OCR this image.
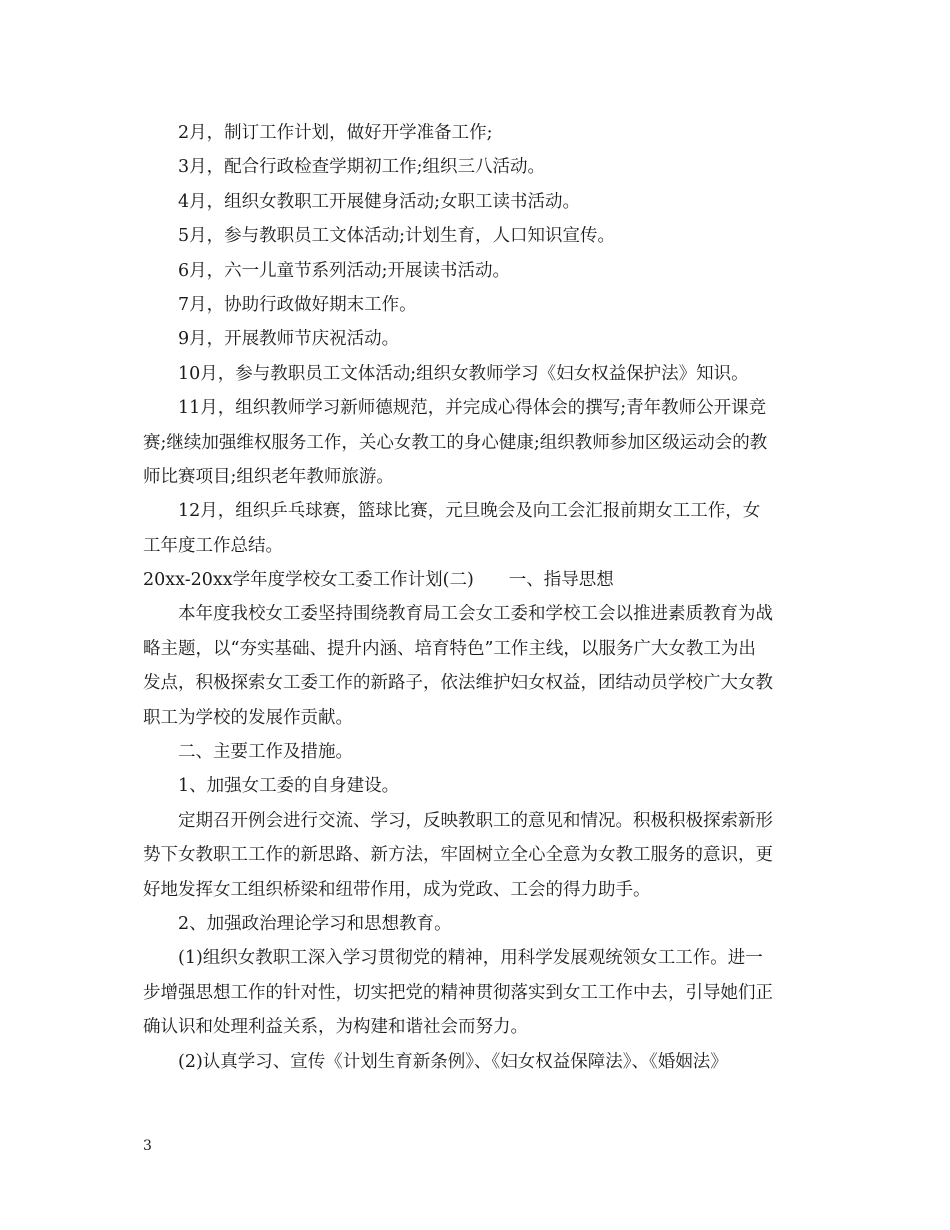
2月，制订工作计划，做好开学准备工作;
3月，配合行政检查学期初工作;组织三八活动。
4月，组织女教职工开展健身活动;女职工读书活动。
5月，参与教职员工文体活动;计划生育，人口知识宣传。
6月，六一儿童节系列活动;开展读书活动。
7月，协助行政做好期末工作。
9月，开展教师节庆祝活动。
10月，参与教职员工文体活动;组织女教师学习《妇女权益保护法》知识。
11月，组织教师学习新师德规范，并完成心得体会的撰写;青年教师公开课竞
赛;继续加强维权服务工作，关心女教工的身心健康;组织教师参加区级运动会的教
师比赛项目;组织老年教师旅游。
12月，组织乒乓球赛，篮球比赛，元旦晚会及向工会汇报前期女工工作，女
工年度工作总结。
20xx-20xx学年度学校女工委工作计划(二)　　一、指导思想
本年度我校女工委坚持围绕教育局工会女工委和学校工会以推进素质教育为战
略主题，以“夯实基础、提升内涵、培育特色”工作主线，以服务广大女教工为出
发点，积极探索女工委工作的新路子，依法维护妇女权益，团结动员学校广大女教
职工为学校的发展作贡献。
二、主要工作及措施。
1、加强女工委的自身建设。
定期召开例会进行交流、学习，反映教职工的意见和情况。积极积极探索新形
势下女教职工工作的新思路、新方法，牢固树立全心全意为女教工服务的意识，更
好地发挥女工组织桥梁和纽带作用，成为党政、工会的得力助手。
2、加强政治理论学习和思想教育。
(1)组织女教职工深入学习贯彻党的精神，用科学发展观统领女工工作。进一
步增强思想工作的针对性，切实把党的精神贯彻落实到女工工作中去，引导她们正
确认识和处理利益关系，为构建和谐社会而努力。
(2)认真学习、宣传《计划生育新条例》、《妇女权益保障法》、《婚姻法》
3
